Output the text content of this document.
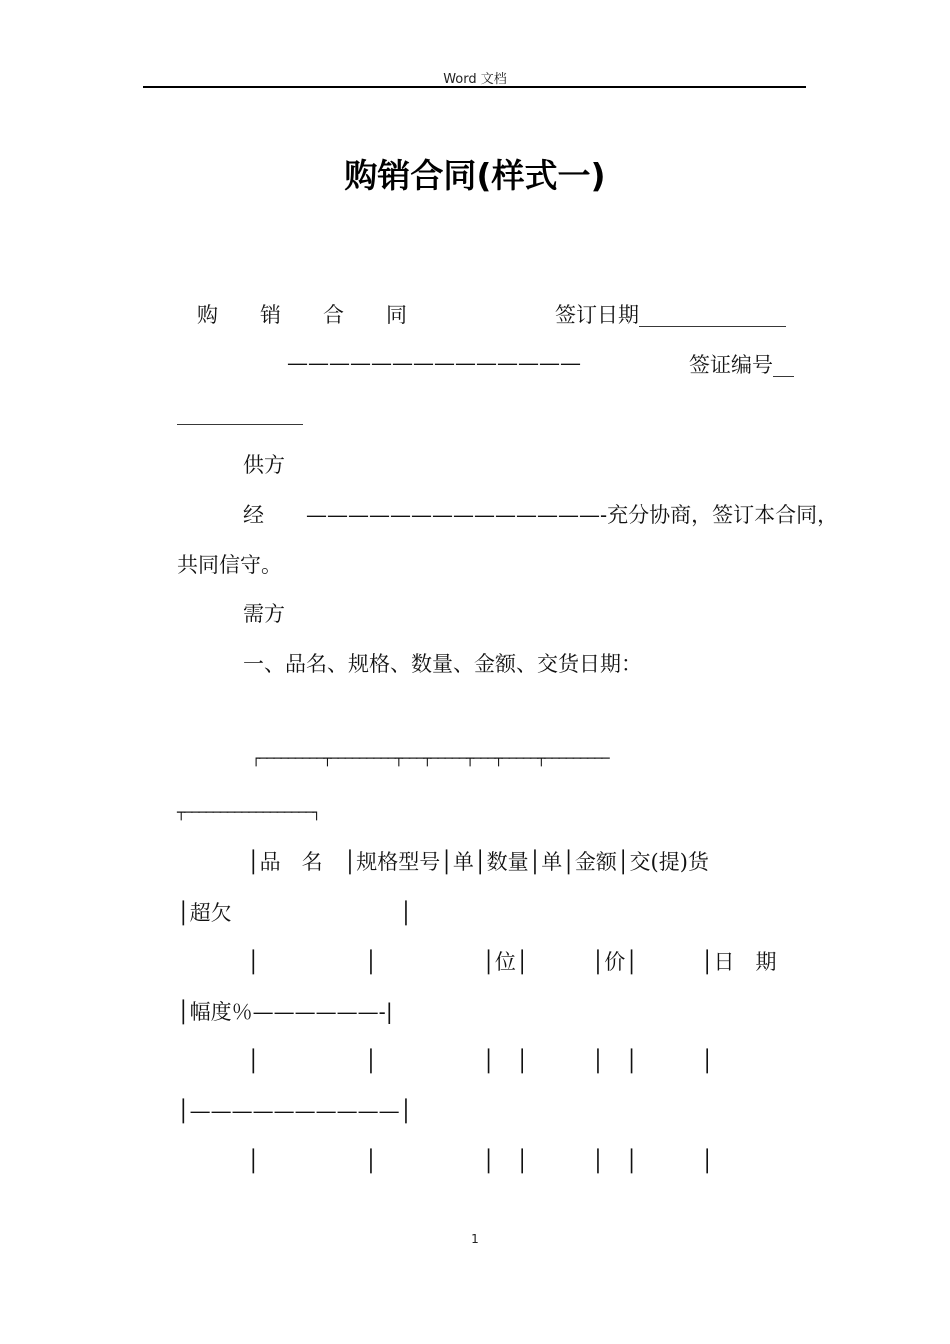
Word 文档
购销合同(样式一)
购　　销　　合　　同	签订日期______________
——————————————	签证编号__
____________
供方
经　　——————————————-充分协商，签订本合同，
共同信守。
需方
一、品名、规格、数量、金额、交货日期：
┌─────────┬─────────┬───┬─────┬───┬─────┬─────────
┬──────────────────┐
│品　名　│规格型号│单│数量│单│金额│交(提)货
│超欠　　　　　　　　│
│　　　　　│　　　　　│位│　　　│价│　　　│日　期
│幅度％——————-|
│　　　　　│　　　　　│　│　　　│　│　　　│
│——————————│
│　　　　　│　　　　　│　│　　　│　│　　　│
1
